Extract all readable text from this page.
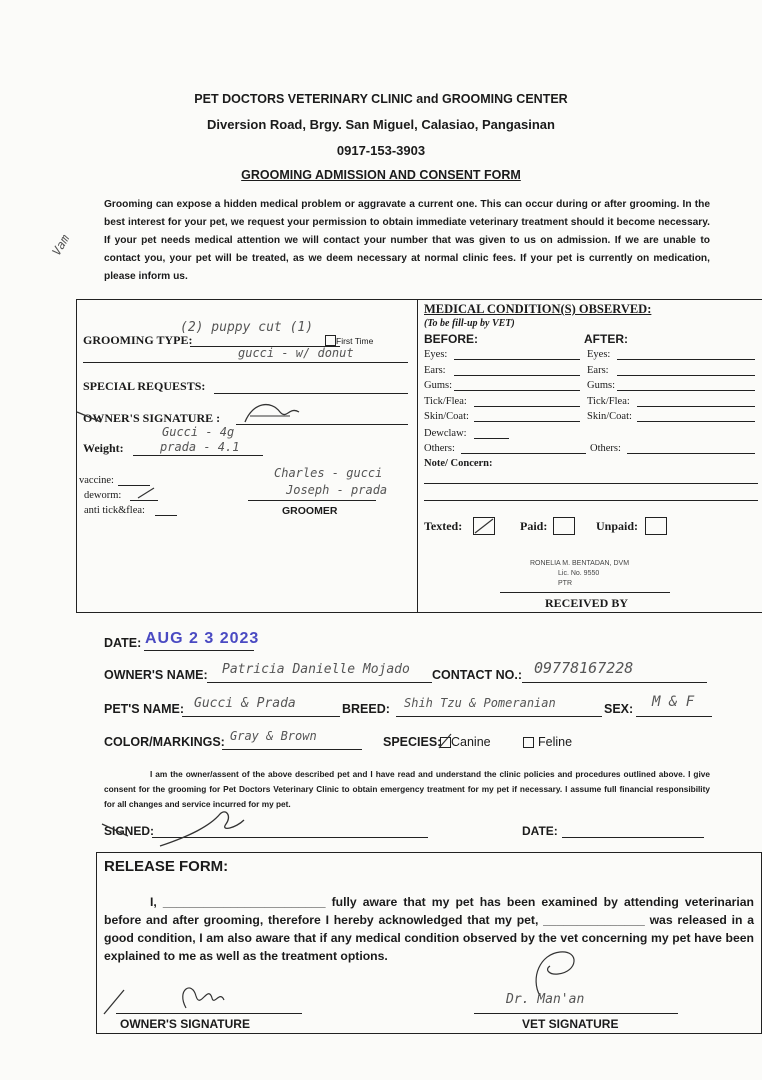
PET DOCTORS VETERINARY CLINIC and GROOMING CENTER
Diversion Road, Brgy. San Miguel, Calasiao, Pangasinan
0917-153-3903
GROOMING ADMISSION AND CONSENT FORM
Grooming can expose a hidden medical problem or aggravate a current one. This can occur during or after grooming. In the best interest for your pet, we request your permission to obtain immediate veterinary treatment should it become necessary. If your pet needs medical attention we will contact your number that was given to us on admission. If we are unable to contact you, your pet will be treated, as we deem necessary at normal clinic fees. If your pet is currently on medication, please inform us.
Vam
GROOMING TYPE:
(2) puppy cut (1)
First Time
gucci - w/ donut
SPECIAL REQUESTS:
OWNER'S SIGNATURE :
Weight:
Gucci - 4g
prada - 4.1
vaccine:
deworm:
anti tick&flea:
Charles - gucci
Joseph - prada
GROOMER
MEDICAL CONDITION(S) OBSERVED:
(To be fill-up by VET)
BEFORE:	AFTER:
Eyes:	Eyes:
Ears:	Ears:
Gums:	Gums:
Tick/Flea:	Tick/Flea:
Skin/Coat:	Skin/Coat:
Dewclaw:
Others:	Others:
Note/ Concern:
Texted:	Paid:	Unpaid:
RONELIA M. BENTADAN, DVM
Lic. No. 9550
PTR
RECEIVED BY
DATE: AUG 2 3 2023
OWNER'S NAME: Patricia Danielle Mojado CONTACT NO.: 09778167228
PET'S NAME: Gucci & Prada	BREED: Shih Tzu & Pomeranian	SEX: M & F
COLOR/MARKINGS: Gray & Brown	SPECIES: Canine	Feline
I am the owner/assent of the above described pet and I have read and understand the clinic policies and procedures outlined above. I give consent for the grooming for Pet Doctors Veterinary Clinic to obtain emergency treatment for my pet if necessary. I assume full financial responsibility for all changes and service incurred for my pet.
SIGNED:	DATE:
RELEASE FORM:
I, ________________________ fully aware that my pet has been examined by attending veterinarian before and after grooming, therefore I hereby acknowledged that my pet, _______________ was released in a good condition, I am also aware that if any medical condition observed by the vet concerning my pet have been explained to me as well as the treatment options.
OWNER'S SIGNATURE
Dr. Man'an
VET SIGNATURE
